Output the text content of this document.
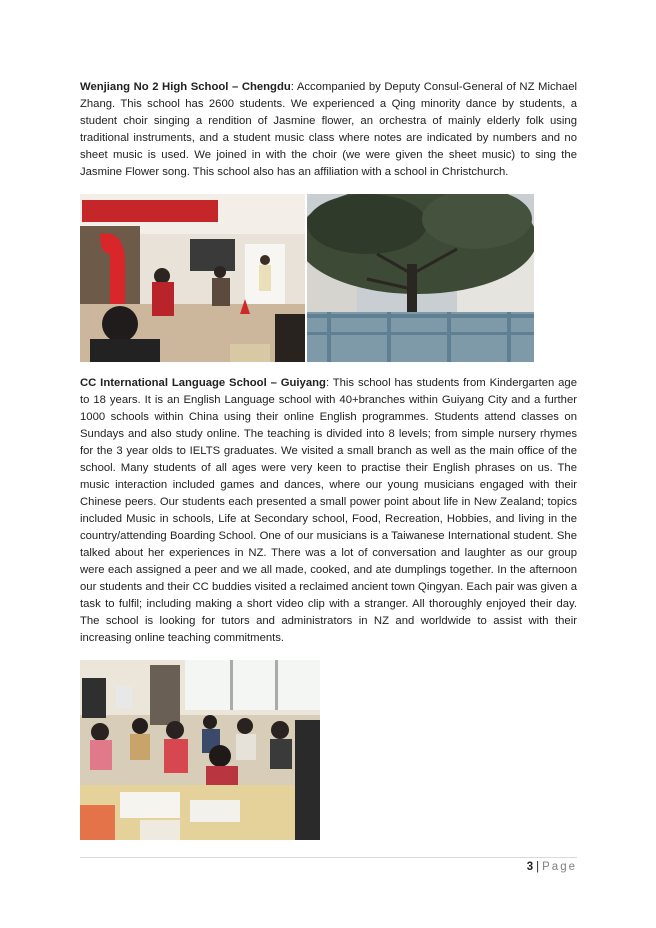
Wenjiang No 2 High School – Chengdu: Accompanied by Deputy Consul-General of NZ Michael Zhang. This school has 2600 students. We experienced a Qing minority dance by students, a student choir singing a rendition of Jasmine flower, an orchestra of mainly elderly folk using traditional instruments, and a student music class where notes are indicated by numbers and no sheet music is used. We joined in with the choir (we were given the sheet music) to sing the Jasmine Flower song. This school also has an affiliation with a school in Christchurch.

CC International Language School – Guiyang: This school has students from Kindergarten age to 18 years. It is an English Language school with 40+branches within Guiyang City and a further 1000 schools within China using their online English programmes. Students attend classes on Sundays and also study online. The teaching is divided into 8 levels; from simple nursery rhymes for the 3 year olds to IELTS graduates. We visited a small branch as well as the main office of the school. Many students of all ages were very keen to practise their English phrases on us. The music interaction included games and dances, where our young musicians engaged with their Chinese peers. Our students each presented a small power point about life in New Zealand; topics included Music in schools, Life at Secondary school, Food, Recreation, Hobbies, and living in the country/attending Boarding School. One of our musicians is a Taiwanese International student. She talked about her experiences in NZ. There was a lot of conversation and laughter as our group were each assigned a peer and we all made, cooked, and ate dumplings together. In the afternoon our students and their CC buddies visited a reclaimed ancient town Qingyan. Each pair was given a task to fulfil; including making a short video clip with a stranger. All thoroughly enjoyed their day. The school is looking for tutors and administrators in NZ and worldwide to assist with their increasing online teaching commitments.

3 | Page
